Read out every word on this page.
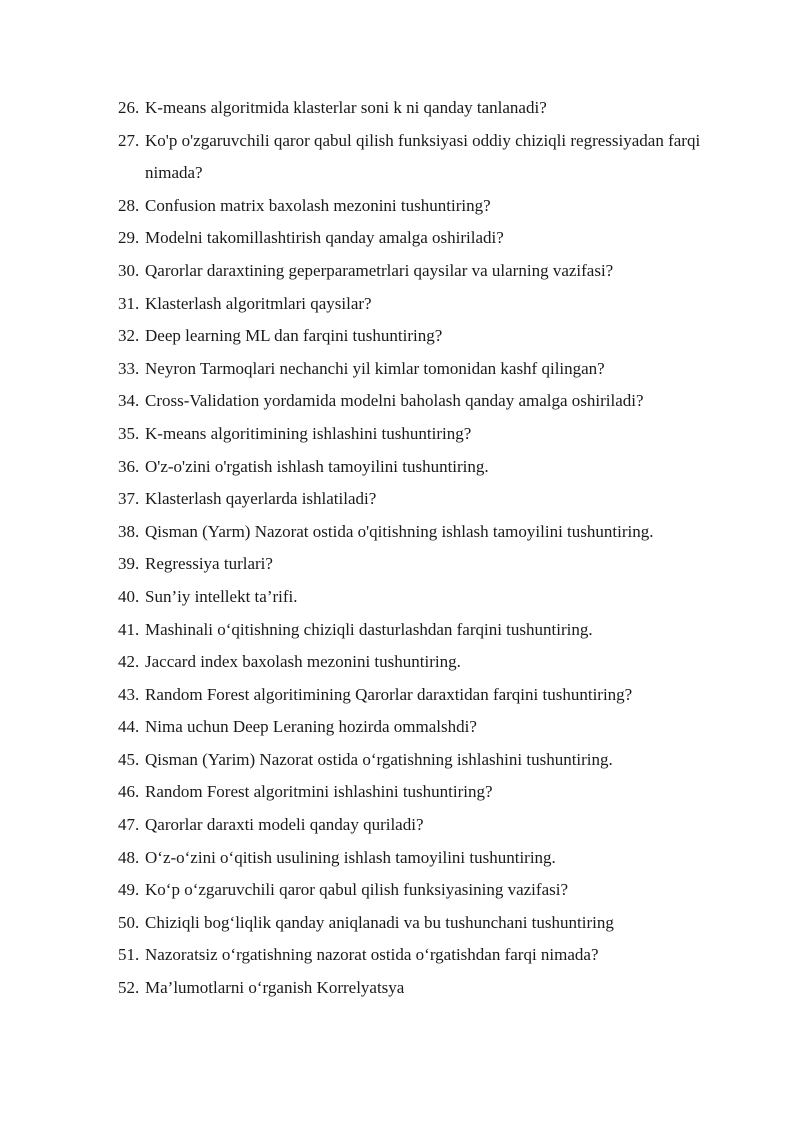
26. K-means algoritmida klasterlar soni k ni qanday tanlanadi?
27. Ko'p o'zgaruvchili qaror qabul qilish funksiyasi oddiy chiziqli regressiyadan farqi nimada?
28. Confusion matrix baxolash mezonini tushuntiring?
29. Modelni takomillashtirish qanday amalga oshiriladi?
30. Qarorlar daraxtining geperparametrlari qaysilar va ularning vazifasi?
31. Klasterlash algoritmlari qaysilar?
32. Deep learning ML dan farqini tushuntiring?
33. Neyron Tarmoqlari nechanchi yil kimlar tomonidan kashf qilingan?
34. Cross-Validation yordamida modelni baholash qanday amalga oshiriladi?
35. K-means algoritimining ishlashini tushuntiring?
36. O'z-o'zini o'rgatish ishlash tamoyilini tushuntiring.
37. Klasterlash qayerlarda ishlatiladi?
38. Qisman (Yarm) Nazorat ostida o'qitishning ishlash tamoyilini tushuntiring.
39. Regressiya turlari?
40. Sun’iy intellekt ta’rifi.
41. Mashinali o‘qitishning chiziqli dasturlashdan farqini tushuntiring.
42. Jaccard index baxolash mezonini tushuntiring.
43. Random Forest algoritimining Qarorlar daraxtidan farqini tushuntiring?
44. Nima uchun Deep Leraning hozirda ommalshdi?
45. Qisman (Yarim) Nazorat ostida o‘rgatishning ishlashini tushuntiring.
46. Random Forest algoritmini ishlashini tushuntiring?
47. Qarorlar daraxti modeli qanday quriladi?
48. O‘z-o‘zini o‘qitish usulining ishlash tamoyilini tushuntiring.
49. Ko‘p o‘zgaruvchili qaror qabul qilish funksiyasining vazifasi?
50. Chiziqli bog‘liqlik qanday aniqlanadi va bu tushunchani tushuntiring
51. Nazoratsiz o‘rgatishning nazorat ostida o‘rgatishdan farqi nimada?
52. Ma’lumotlarni o‘rganish Korrelyatsya
